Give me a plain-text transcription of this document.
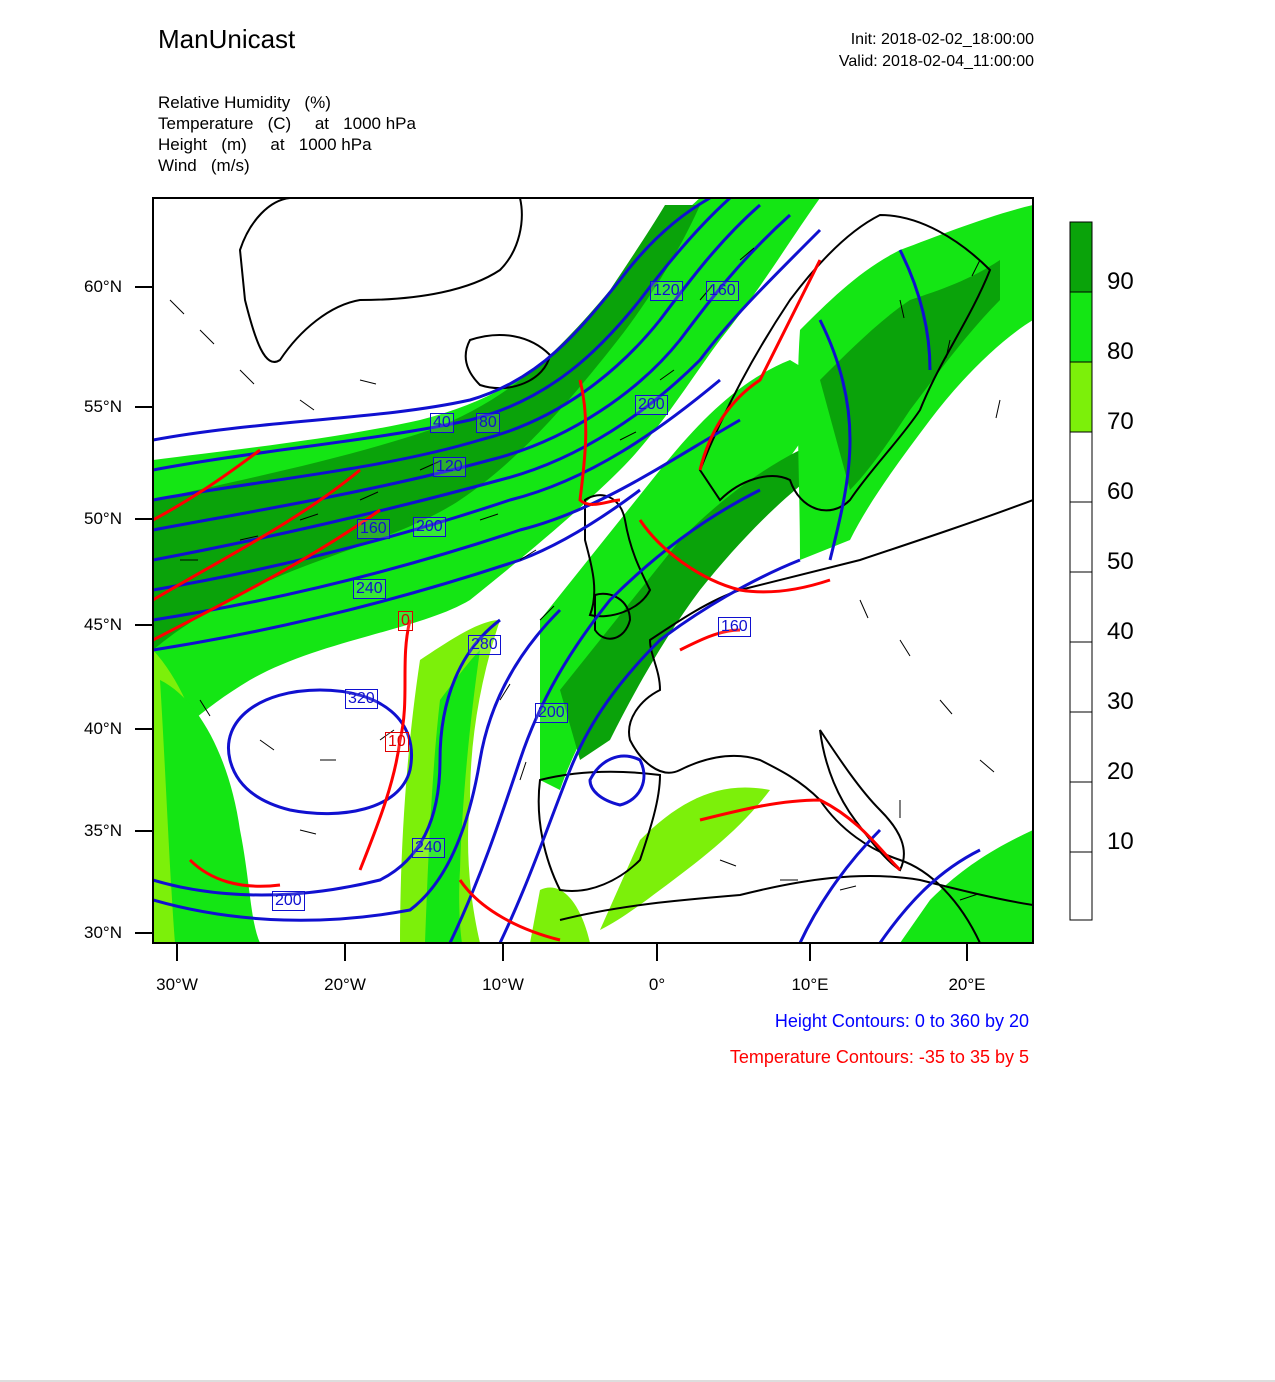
ManUnicast	Init: 2018-02-02_18:00:00
Valid: 2018-02-04_11:00:00
Relative Humidity   (%)
Temperature   (C)     at   1000 hPa
Height   (m)     at   1000 hPa
Wind   (m/s)
60°N
55°N
50°N
45°N
40°N
35°N
30°N
30°W	20°W	10°W	0°	10°E	20°E
90
80
70
60
50
40
30
20
10
120 160
200
40 80
120
160 200
240
280
320
200
240
200
160
0
10
Height Contours: 0 to 360 by 20
Temperature Contours: -35 to 35 by 5
